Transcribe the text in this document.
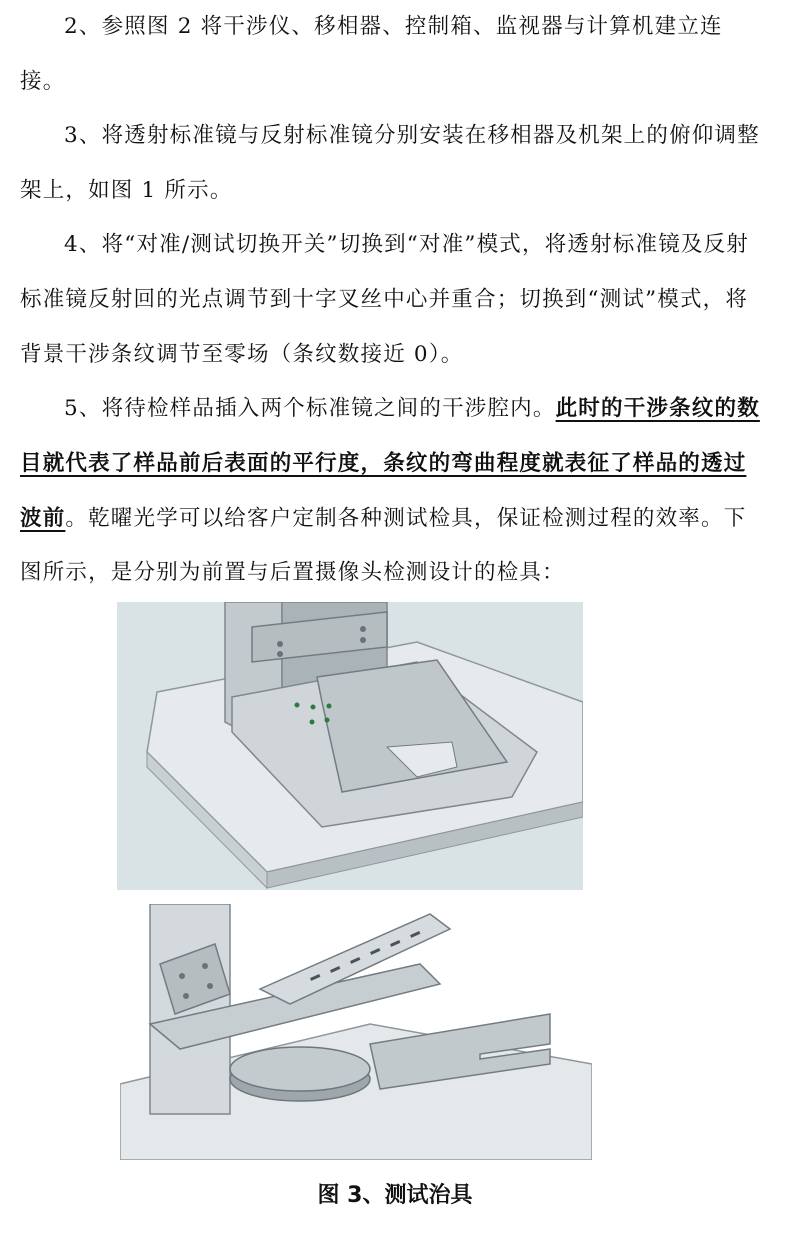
2、参照图 2 将干涉仪、移相器、控制箱、监视器与计算机建立连接。
3、将透射标准镜与反射标准镜分别安装在移相器及机架上的俯仰调整架上，如图 1 所示。
4、将“对准/测试切换开关”切换到“对准”模式，将透射标准镜及反射标准镜反射回的光点调节到十字叉丝中心并重合；切换到“测试”模式，将背景干涉条纹调节至零场（条纹数接近 0）。
5、将待检样品插入两个标准镜之间的干涉腔内。此时的干涉条纹的数目就代表了样品前后表面的平行度，条纹的弯曲程度就表征了样品的透过波前。乾曜光学可以给客户定制各种测试检具，保证检测过程的效率。下图所示，是分别为前置与后置摄像头检测设计的检具：
图 3、测试治具
